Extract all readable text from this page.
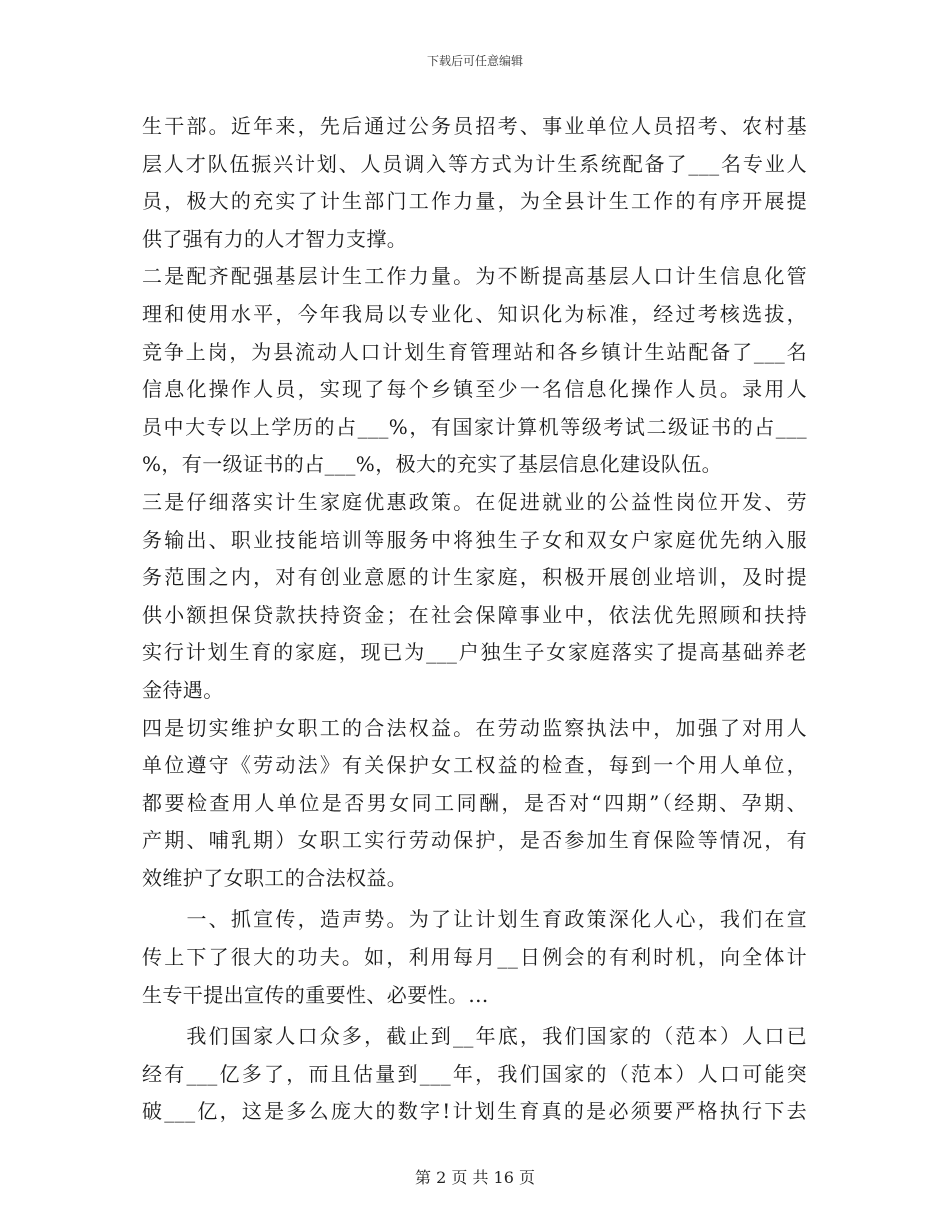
下载后可任意编辑
生干部。近年来，先后通过公务员招考、事业单位人员招考、农村基
层人才队伍振兴计划、人员调入等方式为计生系统配备了___名专业人
员，极大的充实了计生部门工作力量，为全县计生工作的有序开展提
供了强有力的人才智力支撑。
二是配齐配强基层计生工作力量。为不断提高基层人口计生信息化管
理和使用水平，今年我局以专业化、知识化为标准，经过考核选拔，
竞争上岗，为县流动人口计划生育管理站和各乡镇计生站配备了___名
信息化操作人员，实现了每个乡镇至少一名信息化操作人员。录用人
员中大专以上学历的占___%，有国家计算机等级考试二级证书的占___
%，有一级证书的占___%，极大的充实了基层信息化建设队伍。
三是仔细落实计生家庭优惠政策。在促进就业的公益性岗位开发、劳
务输出、职业技能培训等服务中将独生子女和双女户家庭优先纳入服
务范围之内，对有创业意愿的计生家庭，积极开展创业培训，及时提
供小额担保贷款扶持资金；在社会保障事业中，依法优先照顾和扶持
实行计划生育的家庭，现已为___户独生子女家庭落实了提高基础养老
金待遇。
四是切实维护女职工的合法权益。在劳动监察执法中，加强了对用人
单位遵守《劳动法》有关保护女工权益的检查，每到一个用人单位，
都要检查用人单位是否男女同工同酬，是否对“四期”（经期、孕期、
产期、哺乳期）女职工实行劳动保护，是否参加生育保险等情况，有
效维护了女职工的合法权益。
　　一、抓宣传，造声势。为了让计划生育政策深化人心，我们在宣
传上下了很大的功夫。如，利用每月__日例会的有利时机，向全体计
生专干提出宣传的重要性、必要性。...
　　我们国家人口众多，截止到__年底，我们国家的（范本）人口已
经有___亿多了，而且估量到___年，我们国家的（范本）人口可能突
破___亿，这是多么庞大的数字!计划生育真的是必须要严格执行下去
第 2 页 共 16 页
